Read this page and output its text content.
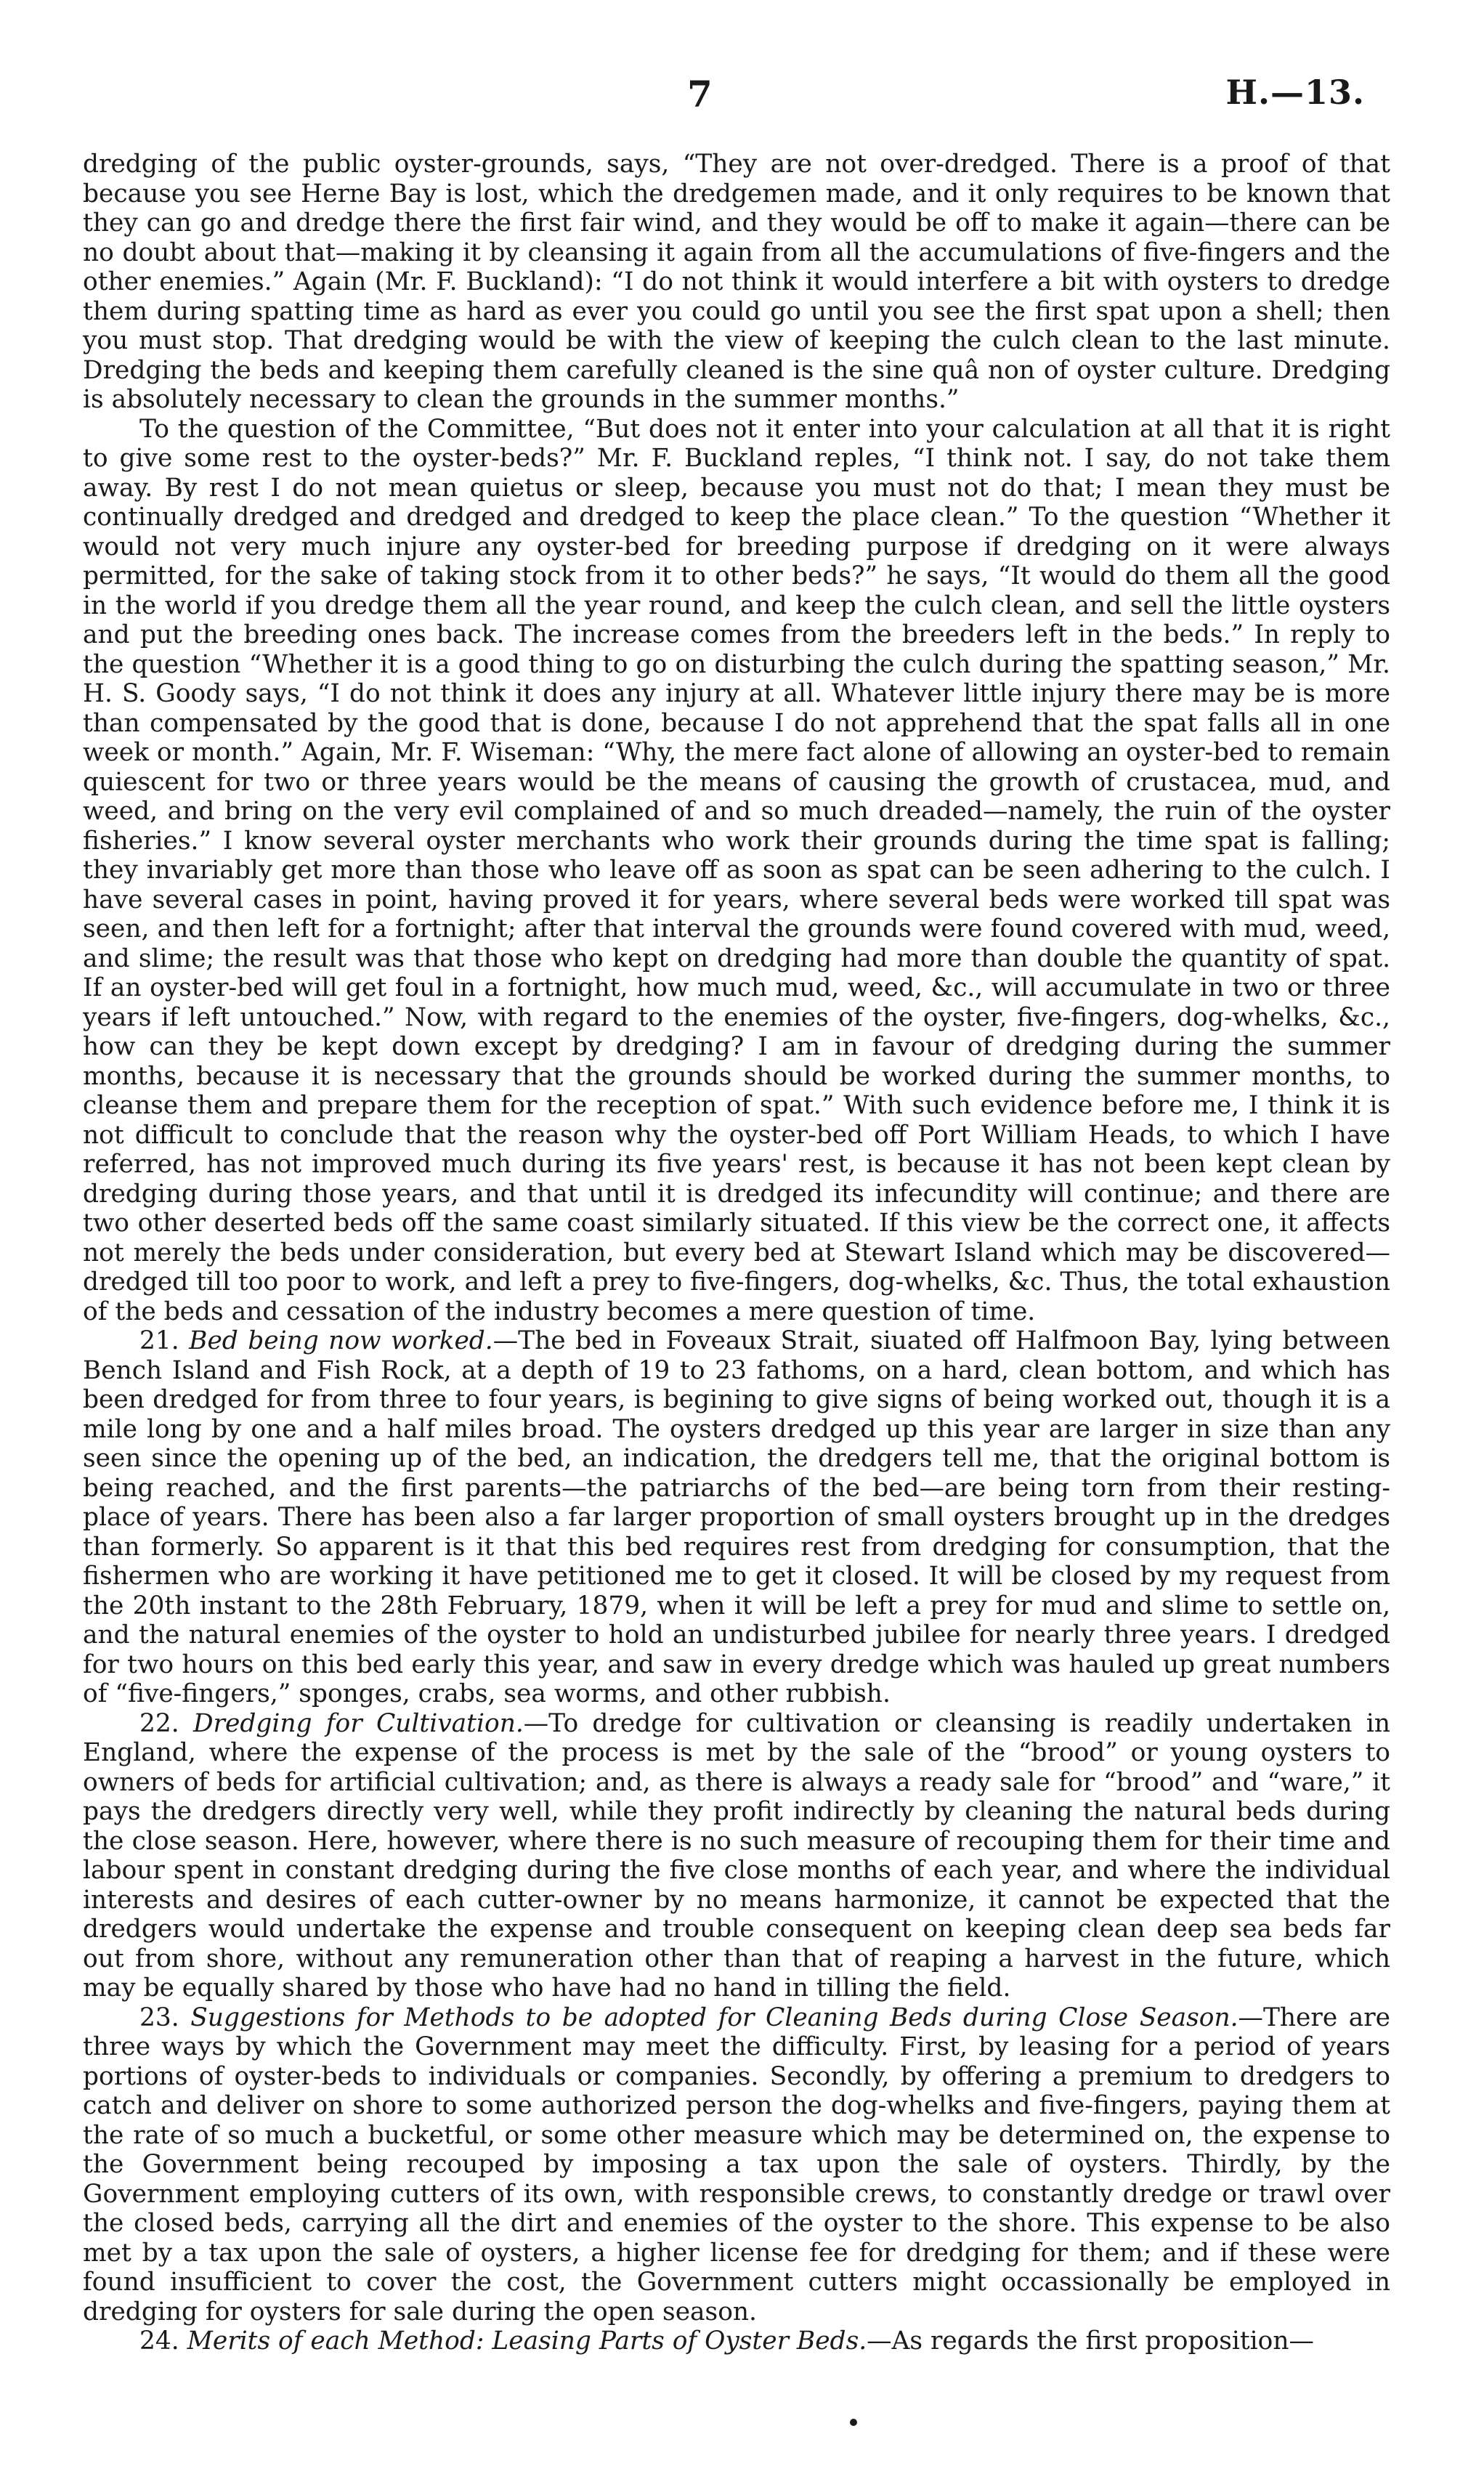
7	H.—13.

dredging of the public oyster-grounds, says, “They are not over-dredged. There is a proof of that because you see Herne Bay is lost, which the dredgemen made, and it only requires to be known that they can go and dredge there the first fair wind, and they would be off to make it again—there can be no doubt about that—making it by cleansing it again from all the accumulations of five-fingers and the other enemies.” Again (Mr. F. Buckland): “I do not think it would interfere a bit with oysters to dredge them during spatting time as hard as ever you could go until you see the first spat upon a shell; then you must stop. That dredging would be with the view of keeping the culch clean to the last minute. Dredging the beds and keeping them carefully cleaned is the sine quâ non of oyster culture. Dredging is absolutely necessary to clean the grounds in the summer months.”

To the question of the Committee, “But does not it enter into your calculation at all that it is right to give some rest to the oyster-beds?” Mr. F. Buckland reples, “I think not. I say, do not take them away. By rest I do not mean quietus or sleep, because you must not do that; I mean they must be continually dredged and dredged and dredged to keep the place clean.” To the question “Whether it would not very much injure any oyster-bed for breeding purpose if dredging on it were always permitted, for the sake of taking stock from it to other beds?” he says, “It would do them all the good in the world if you dredge them all the year round, and keep the culch clean, and sell the little oysters and put the breeding ones back. The increase comes from the breeders left in the beds.” In reply to the question “Whether it is a good thing to go on disturbing the culch during the spatting season,” Mr. H. S. Goody says, “I do not think it does any injury at all. Whatever little injury there may be is more than compensated by the good that is done, because I do not apprehend that the spat falls all in one week or month.” Again, Mr. F. Wiseman: “Why, the mere fact alone of allowing an oyster-bed to remain quiescent for two or three years would be the means of causing the growth of crustacea, mud, and weed, and bring on the very evil complained of and so much dreaded—namely, the ruin of the oyster fisheries.” I know several oyster merchants who work their grounds during the time spat is falling; they invariably get more than those who leave off as soon as spat can be seen adhering to the culch. I have several cases in point, having proved it for years, where several beds were worked till spat was seen, and then left for a fortnight; after that interval the grounds were found covered with mud, weed, and slime; the result was that those who kept on dredging had more than double the quantity of spat. If an oyster-bed will get foul in a fortnight, how much mud, weed, &c., will accumulate in two or three years if left untouched.” Now, with regard to the enemies of the oyster, five-fingers, dog-whelks, &c., how can they be kept down except by dredging? I am in favour of dredging during the summer months, because it is necessary that the grounds should be worked during the summer months, to cleanse them and prepare them for the reception of spat.” With such evidence before me, I think it is not difficult to conclude that the reason why the oyster-bed off Port William Heads, to which I have referred, has not improved much during its five years' rest, is because it has not been kept clean by dredging during those years, and that until it is dredged its infecundity will continue; and there are two other deserted beds off the same coast similarly situated. If this view be the correct one, it affects not merely the beds under consideration, but every bed at Stewart Island which may be discovered—dredged till too poor to work, and left a prey to five-fingers, dog-whelks, &c. Thus, the total exhaustion of the beds and cessation of the industry becomes a mere question of time.

21. Bed being now worked.—The bed in Foveaux Strait, siuated off Halfmoon Bay, lying between Bench Island and Fish Rock, at a depth of 19 to 23 fathoms, on a hard, clean bottom, and which has been dredged for from three to four years, is begining to give signs of being worked out, though it is a mile long by one and a half miles broad. The oysters dredged up this year are larger in size than any seen since the opening up of the bed, an indication, the dredgers tell me, that the original bottom is being reached, and the first parents—the patriarchs of the bed—are being torn from their resting-place of years. There has been also a far larger proportion of small oysters brought up in the dredges than formerly. So apparent is it that this bed requires rest from dredging for consumption, that the fishermen who are working it have petitioned me to get it closed. It will be closed by my request from the 20th instant to the 28th February, 1879, when it will be left a prey for mud and slime to settle on, and the natural enemies of the oyster to hold an undisturbed jubilee for nearly three years. I dredged for two hours on this bed early this year, and saw in every dredge which was hauled up great numbers of “five-fingers,” sponges, crabs, sea worms, and other rubbish.

22. Dredging for Cultivation.—To dredge for cultivation or cleansing is readily undertaken in England, where the expense of the process is met by the sale of the “brood” or young oysters to owners of beds for artificial cultivation; and, as there is always a ready sale for “brood” and “ware,” it pays the dredgers directly very well, while they profit indirectly by cleaning the natural beds during the close season. Here, however, where there is no such measure of recouping them for their time and labour spent in constant dredging during the five close months of each year, and where the individual interests and desires of each cutter-owner by no means harmonize, it cannot be expected that the dredgers would undertake the expense and trouble consequent on keeping clean deep sea beds far out from shore, without any remuneration other than that of reaping a harvest in the future, which may be equally shared by those who have had no hand in tilling the field.

23. Suggestions for Methods to be adopted for Cleaning Beds during Close Season.—There are three ways by which the Government may meet the difficulty. First, by leasing for a period of years portions of oyster-beds to individuals or companies. Secondly, by offering a premium to dredgers to catch and deliver on shore to some authorized person the dog-whelks and five-fingers, paying them at the rate of so much a bucketful, or some other measure which may be determined on, the expense to the Government being recouped by imposing a tax upon the sale of oysters. Thirdly, by the Government employing cutters of its own, with responsible crews, to constantly dredge or trawl over the closed beds, carrying all the dirt and enemies of the oyster to the shore. This expense to be also met by a tax upon the sale of oysters, a higher license fee for dredging for them; and if these were found insufficient to cover the cost, the Government cutters might occassionally be employed in dredging for oysters for sale during the open season.

24. Merits of each Method: Leasing Parts of Oyster Beds.—As regards the first proposition—
